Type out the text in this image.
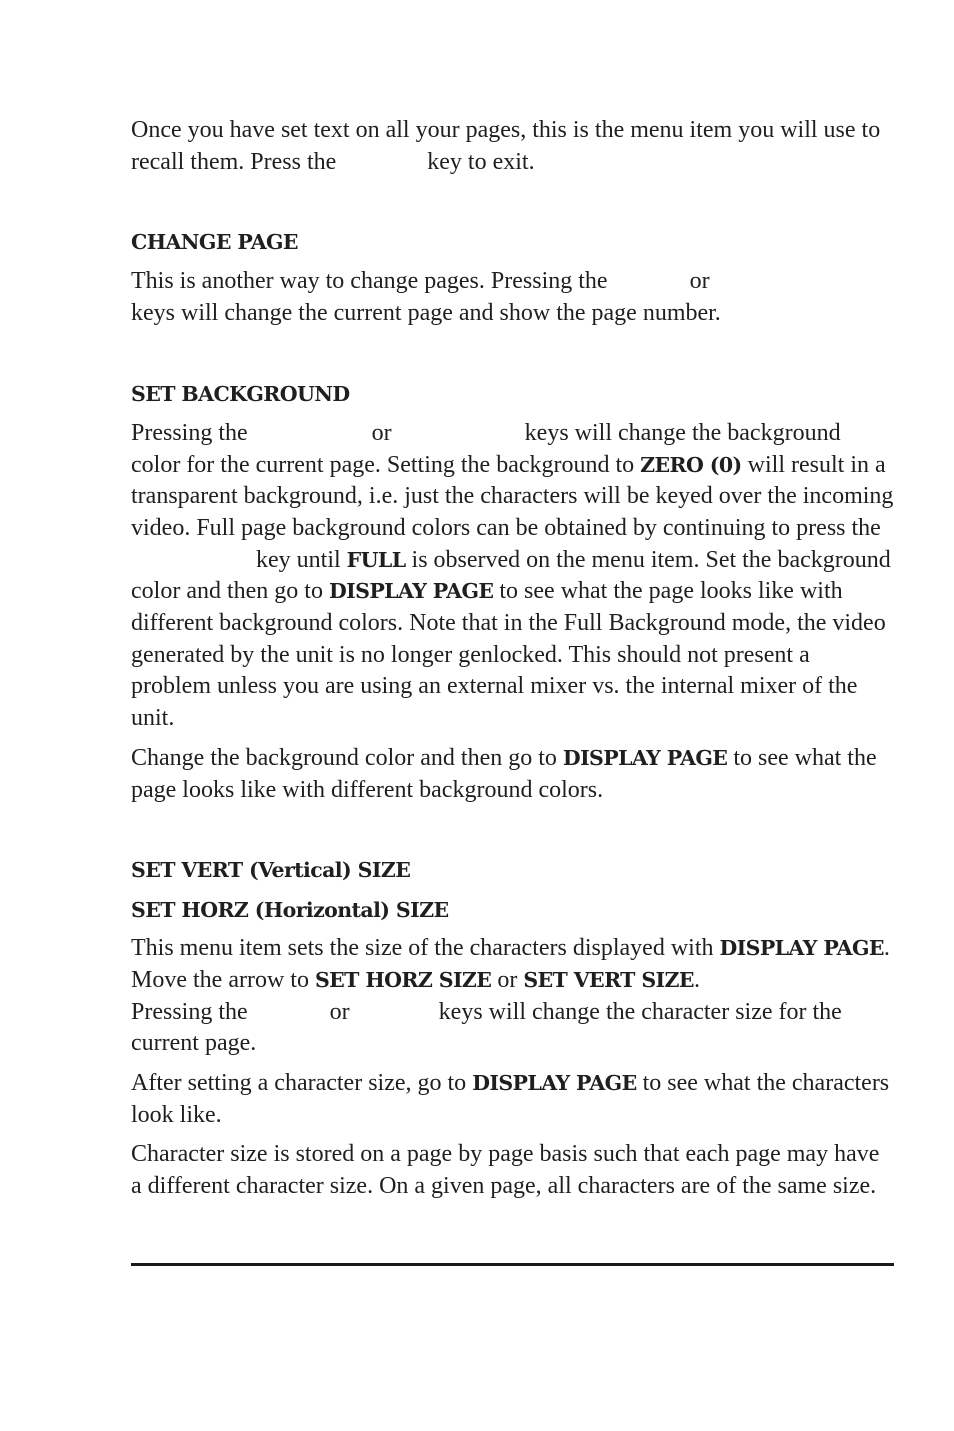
Once you have set text on all your pages, this is the menu item you will use to recall them. Press the	key to exit.

CHANGE PAGE

This is another way to change pages. Pressing the	or
keys will change the current page and show the page number.

SET BACKGROUND

Pressing the	or	keys will change the background color for the current page. Setting the background to ZERO (0) will result in a transparent background, i.e. just the characters will be keyed over the incoming video. Full page background colors can be obtained by continuing to press thekey until FULL is observed on the menu item. Set the background color and then go to DISPLAY PAGE to see what the page looks like with different background colors. Note that in the Full Background mode, the video generated by the unit is no longer genlocked. This should not present a problem unless you are using an external mixer vs. the internal mixer of the unit.

Change the background color and then go to DISPLAY PAGE to see what the page looks like with different background colors.

SET VERT (Vertical) SIZE
SET HORZ (Horizontal) SIZE

This menu item sets the size of the characters displayed with DISPLAY PAGE. Move the arrow to SET HORZ SIZE or SET VERT SIZE.
Pressing the	or	keys will change the character size for the current page.

After setting a character size, go to DISPLAY PAGE to see what the characters look like.

Character size is stored on a page by page basis such that each page may have a different character size. On a given page, all characters are of the same size.
